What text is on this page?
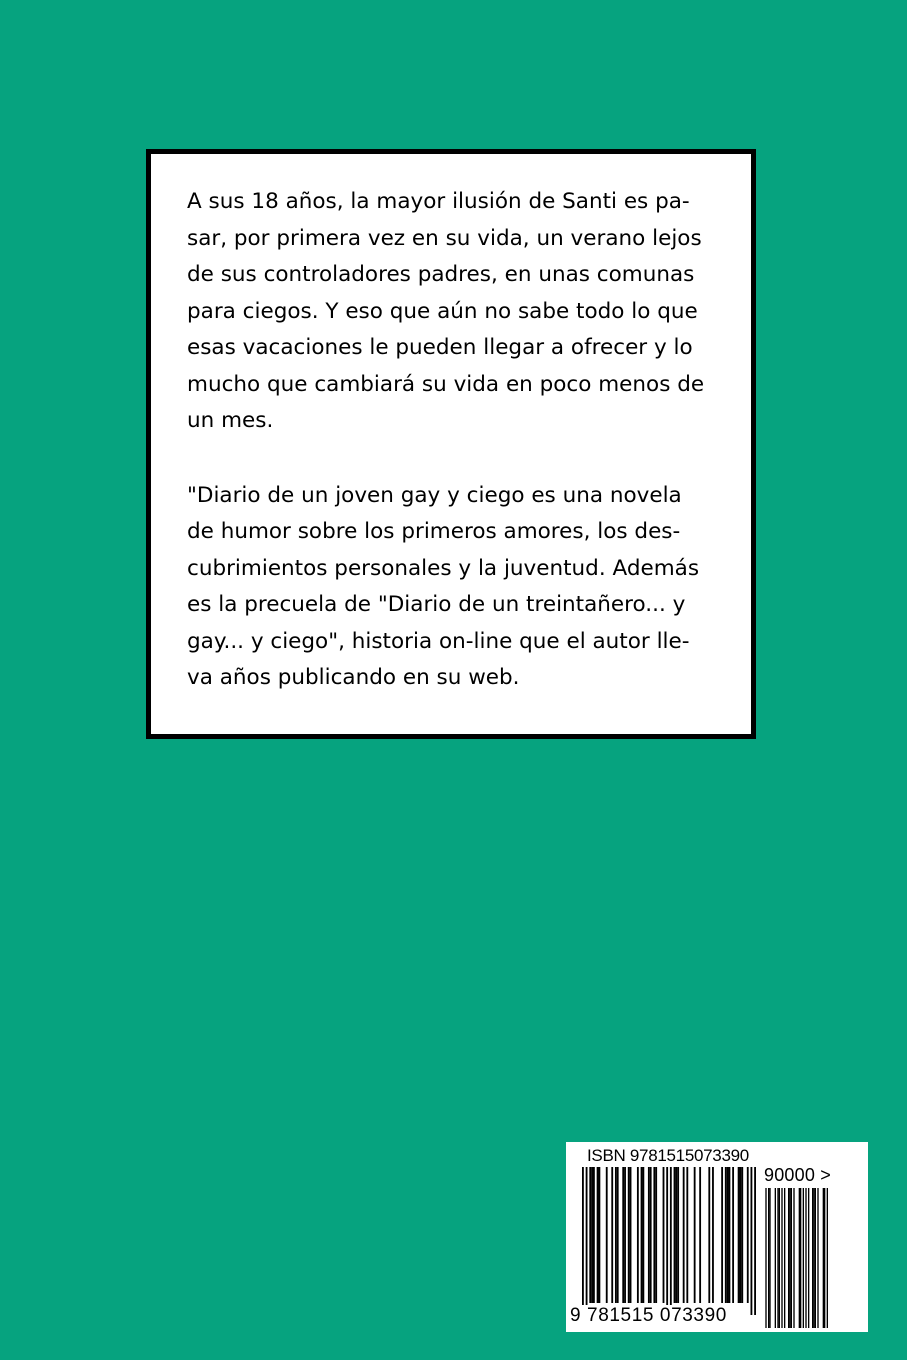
A sus 18 años, la mayor ilusión de Santi es pa-
sar, por primera vez en su vida, un verano lejos
de sus controladores padres, en unas comunas
para ciegos. Y eso que aún no sabe todo lo que
esas vacaciones le pueden llegar a ofrecer y lo
mucho que cambiará su vida en poco menos de
un mes.

"Diario de un joven gay y ciego es una novela
de humor sobre los primeros amores, los des-
cubrimientos personales y la juventud. Además
es la precuela de "Diario de un treintañero... y
gay... y ciego", historia on-line que el autor lle-
va años publicando en su web.

ISBN 9781515073390
90000 >
9 781515 073390
